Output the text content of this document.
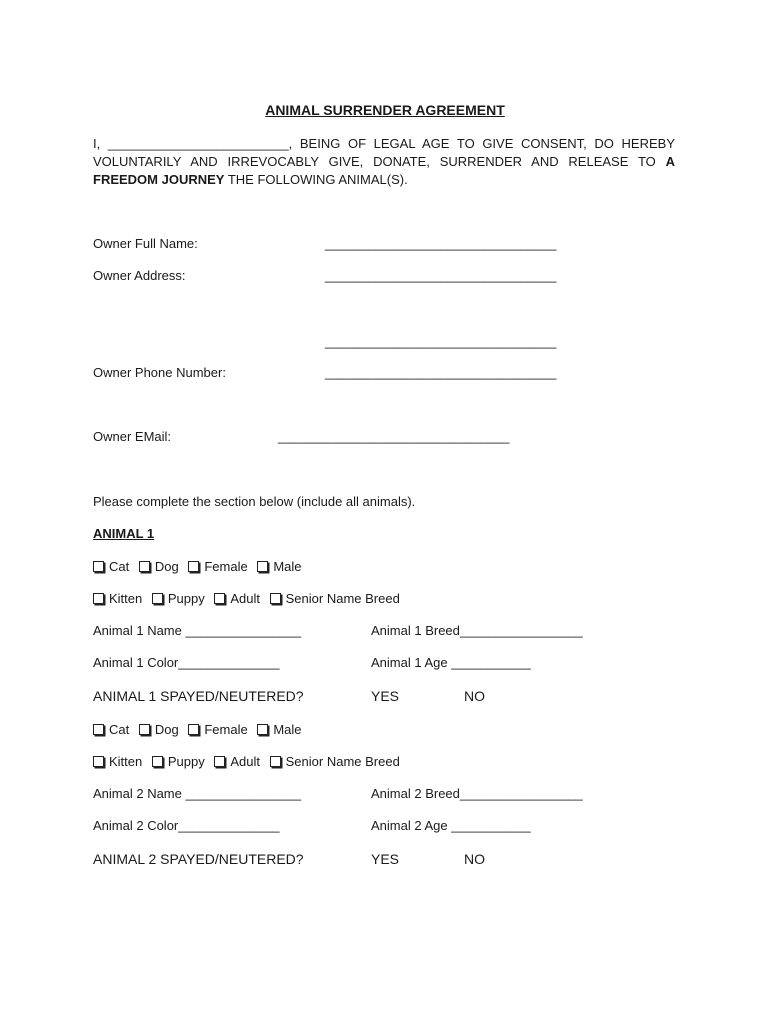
ANIMAL SURRENDER AGREEMENT
I, _________________________, BEING OF LEGAL AGE TO GIVE CONSENT, DO HEREBY VOLUNTARILY AND IRREVOCABLY GIVE, DONATE, SURRENDER AND RELEASE TO A FREEDOM JOURNEY THE FOLLOWING ANIMAL(S).
Owner Full Name:	________________________________
Owner Address:	________________________________
________________________________
Owner Phone Number:	________________________________
Owner EMail:	________________________________
Please complete the section below (include all animals).
ANIMAL 1
Cat Dog Female Male
Kitten Puppy Adult Senior Name Breed
Animal 1 Name ________________	Animal 1 Breed_________________
Animal 1 Color______________	Animal 1 Age ___________
ANIMAL 1 SPAYED/NEUTERED?	YES	NO
Cat Dog Female Male
Kitten Puppy Adult Senior Name Breed
Animal 2 Name ________________	Animal 2 Breed_________________
Animal 2 Color______________	Animal 2 Age ___________
ANIMAL 2 SPAYED/NEUTERED?	YES	NO
